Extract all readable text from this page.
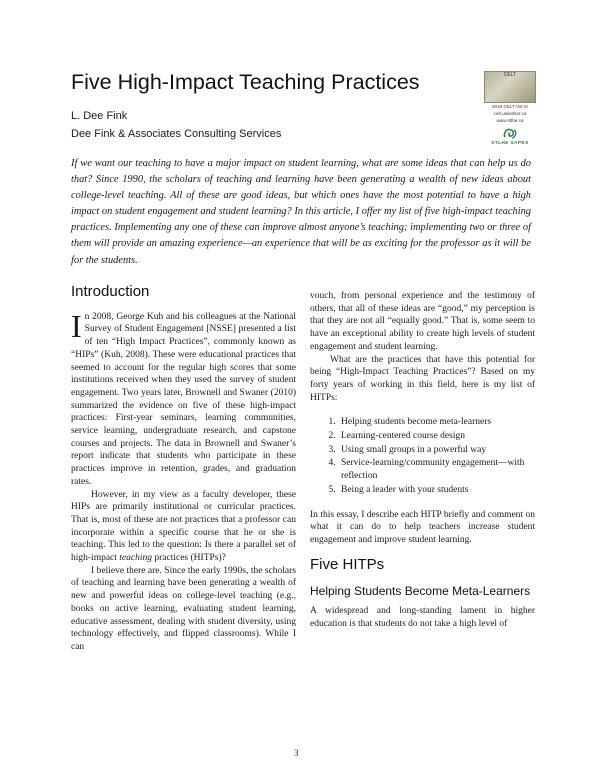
Five High-Impact Teaching Practices
L. Dee Fink
Dee Fink & Associates Consulting Services
CELT
2016 CELT Vol IX
celt.uwindsor.ca
www.stlhe.ca
STLHE SAPES

If we want our teaching to have a major impact on student learning, what are some ideas that can help us do that? Since 1990, the scholars of teaching and learning have been generating a wealth of new ideas about college-level teaching. All of these are good ideas, but which ones have the most potential to have a high impact on student engagement and student learning? In this article, I offer my list of five high-impact teaching practices. Implementing any one of these can improve almost anyone’s teaching; implementing two or three of them will provide an amazing experience—an experience that will be as exciting for the professor as it will be for the students.

Introduction

In 2008, George Kuh and his colleagues at the National Survey of Student Engagement [NSSE] presented a list of ten “High Impact Practices”, commonly known as “HIPs” (Kuh, 2008). These were educational practices that seemed to account for the regular high scores that some institutions received when they used the survey of student engagement. Two years later, Brownell and Swaner (2010) summarized the evidence on five of these high-impact practices: First-year seminars, learning communities, service learning, undergraduate research, and capstone courses and projects. The data in Brownell and Swaner’s report indicate that students who participate in these practices improve in retention, grades, and graduation rates.

However, in my view as a faculty developer, these HIPs are primarily institutional or curricular practices. That is, most of these are not practices that a professor can incorporate within a specific course that he or she is teaching. This led to the question: Is there a parallel set of high-impact teaching practices (HITPs)?

I believe there are. Since the early 1990s, the scholars of teaching and learning have been generating a wealth of new and powerful ideas on college-level teaching (e.g., books on active learning, evaluating student learning, educative assessment, dealing with student diversity, using technology effectively, and flipped classrooms). While I can

vouch, from personal experience and the testimony of others, that all of these ideas are “good,” my perception is that they are not all “equally good.” That is, some seem to have an exceptional ability to create high levels of student engagement and student learning.

What are the practices that have this potential for being “High-Impact Teaching Practices”? Based on my forty years of working in this field, here is my list of HITPs:

1. Helping students become meta-learners
2. Learning-centered course design
3. Using small groups in a powerful way
4. Service-learning/community engagement—with reflection
5. Being a leader with your students

In this essay, I describe each HITP briefly and comment on what it can do to help teachers increase student engagement and improve student learning.

Five HITPs
Helping Students Become Meta-Learners

A widespread and long-standing lament in higher education is that students do not take a high level of

3
